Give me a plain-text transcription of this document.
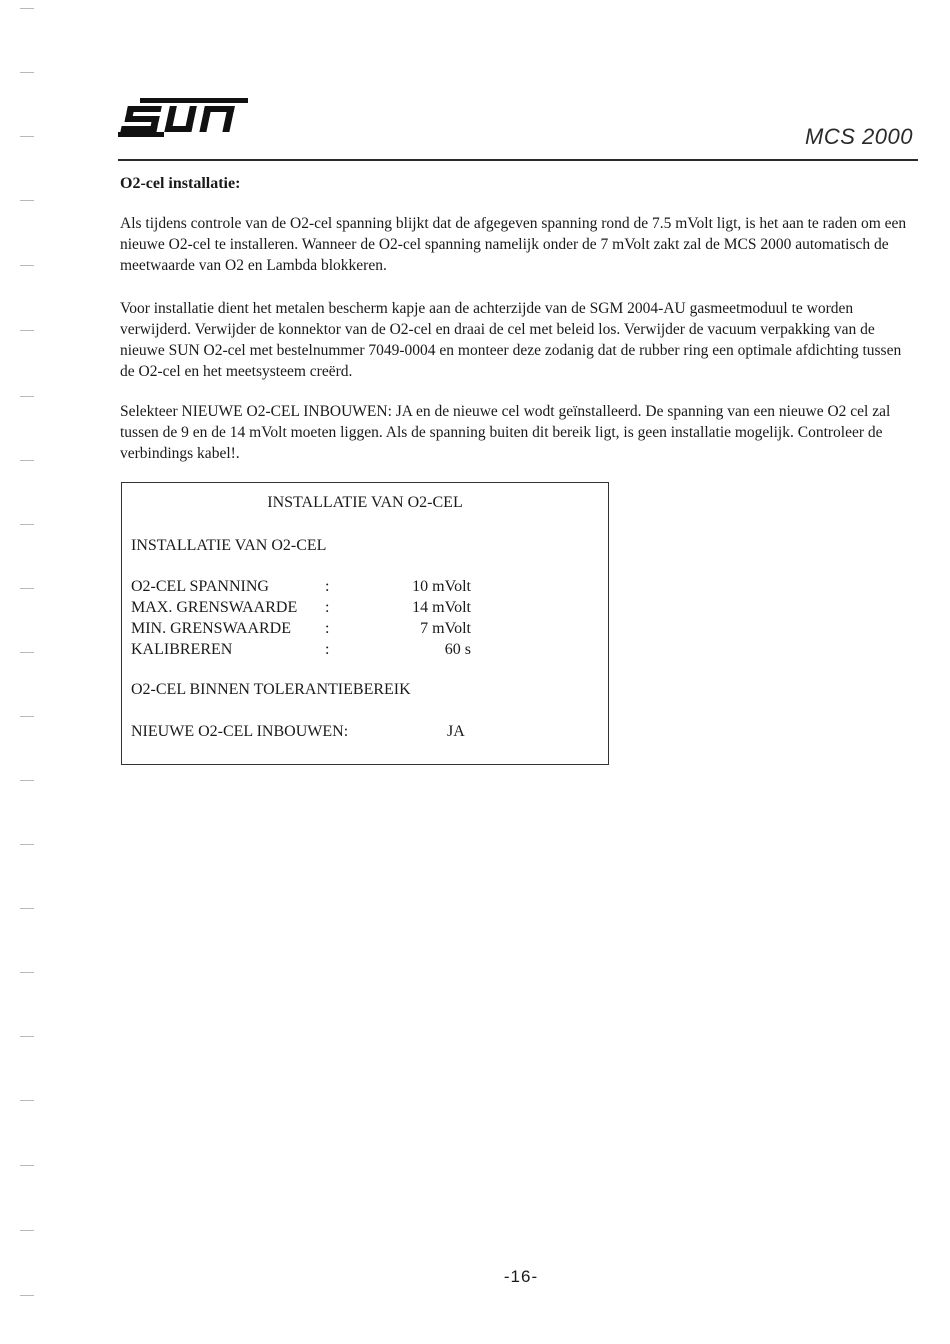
MCS 2000
O2-cel installatie:

Als tijdens controle van de O2-cel spanning blijkt dat de afgegeven spanning rond de 7.5 mVolt ligt, is het aan te raden om een nieuwe O2-cel te installeren. Wanneer de O2-cel spanning namelijk onder de 7 mVolt zakt zal de MCS 2000 automatisch de meetwaarde van O2 en Lambda blokkeren.

Voor installatie dient het metalen bescherm kapje aan de achterzijde van de SGM 2004-AU gasmeetmoduul te worden verwijderd. Verwijder de konnektor van de O2-cel en draai de cel met beleid los. Verwijder de vacuum verpakking van de nieuwe SUN O2-cel met bestelnummer 7049-0004 en monteer deze zodanig dat de rubber ring een optimale afdichting tussen de O2-cel en het meetsysteem creërd.

Selekteer NIEUWE O2-CEL INBOUWEN: JA en de nieuwe cel wodt geïnstalleerd. De spanning van een nieuwe O2 cel zal tussen de 9 en de 14 mVolt moeten liggen. Als de spanning buiten dit bereik ligt, is geen installatie mogelijk. Controleer de verbindings kabel!.

INSTALLATIE VAN O2-CEL
INSTALLATIE VAN O2-CEL
O2-CEL SPANNING	:	10 mVolt
MAX. GRENSWAARDE :	14 mVolt
MIN. GRENSWAARDE :	7 mVolt
KALIBREREN	:	60 s
O2-CEL BINNEN TOLERANTIEBEREIK
NIEUWE O2-CEL INBOUWEN:	JA
-16-
